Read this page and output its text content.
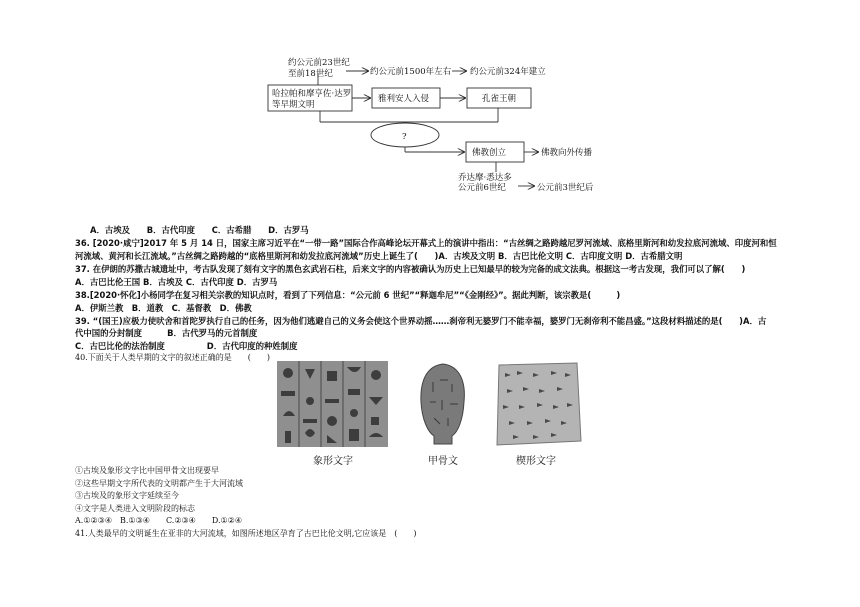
哈拉帕和摩亨佐·达罗
等早期文明
雅利安人入侵	孔雀王朝
佛教创立
?
约公元前23世纪
至前18世纪	约公元前1500年左右 约公元前324年建立
佛教向外传播
乔达摩·悉达多
公元前6世纪	公元前3世纪后
A．古埃及　　B．古代印度　　C．古希腊　　D．古罗马
36. [2020·咸宁]2017 年 5 月 14 日，国家主席习近平在“一带一路”国际合作高峰论坛开幕式上的演讲中指出：“古丝绸之路跨越尼罗河流域、底格里斯河和幼发拉底河流域、印度河和恒
河流域、黄河和长江流域。”古丝绸之路跨越的“底格里斯河和幼发拉底河流域”历史上诞生了(　　)A．古埃及文明 B．古巴比伦文明 C．古印度文明 D．古希腊文明
37. 在伊朗的苏撒古城遗址中，考古队发现了刻有文字的黑色玄武岩石柱，后来文字的内容被确认为历史上已知最早的较为完备的成文法典。根据这一考古发现，我们可以了解(　　)
A．古巴比伦王国 B．古埃及 C．古代印度 D．古罗马
38.[2020·怀化]小杨同学在复习相关宗教的知识点时，看到了下列信息：“公元前 6 世纪”“释迦牟尼”“《金刚经》”。据此判断，该宗教是(　　　)
A．伊斯兰教　B．道教　C．基督教　D．佛教
39. “(国王)应极力使吠舍和首陀罗执行自己的任务，因为他们逃避自己的义务会使这个世界动摇……刹帝利无婆罗门不能幸福，婆罗门无刹帝利不能昌盛。”这段材料描述的是(　　)A．古
代中国的分封制度　　　B．古代罗马的元首制度
C．古巴比伦的法治制度　　　　　D．古代印度的种姓制度
40.下面关于人类早期的文字的叙述正确的是　　(　　)
象形文字	甲骨文	楔形文字
①古埃及象形文字比中国甲骨文出现要早
②这些早期文字所代表的文明都产生于大河流域
③古埃及的象形文字延续至今
④文字是人类进入文明阶段的标志
A.①②③④　B.①③④　　C.②③④　　D.①②④
41.人类最早的文明诞生在亚非的大河流域，如图所述地区孕育了古巴比伦文明,它应该是　(　　)
